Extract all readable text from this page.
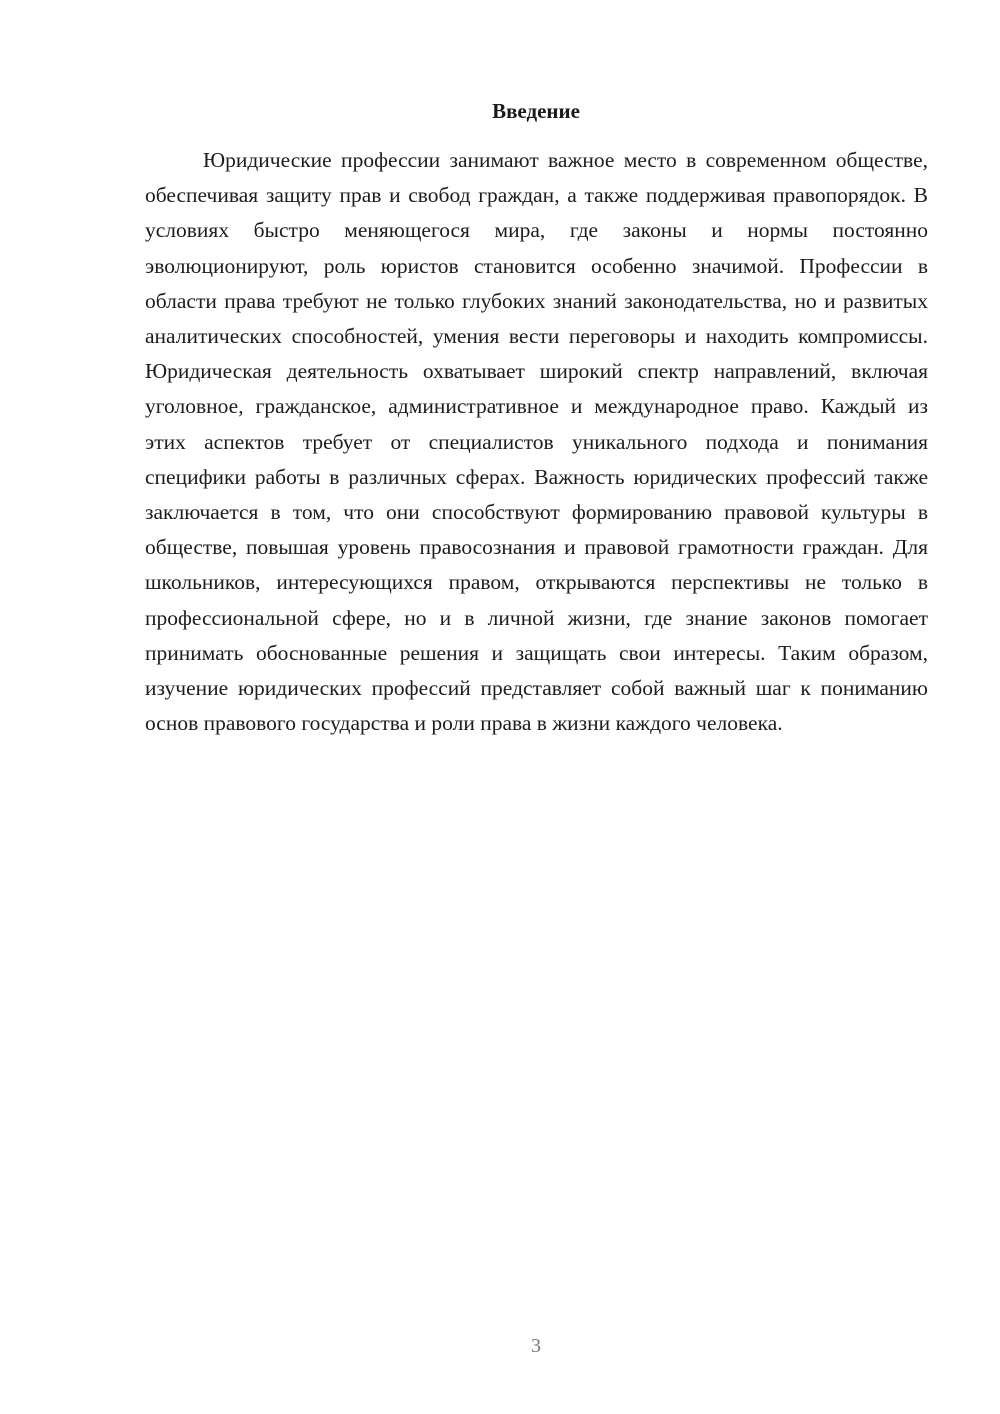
Введение

Юридические профессии занимают важное место в современном обществе, обеспечивая защиту прав и свобод граждан, а также поддерживая правопорядок. В условиях быстро меняющегося мира, где законы и нормы постоянно эволюционируют, роль юристов становится особенно значимой. Профессии в области права требуют не только глубоких знаний законодательства, но и развитых аналитических способностей, умения вести переговоры и находить компромиссы. Юридическая деятельность охватывает широкий спектр направлений, включая уголовное, гражданское, административное и международное право. Каждый из этих аспектов требует от специалистов уникального подхода и понимания специфики работы в различных сферах. Важность юридических профессий также заключается в том, что они способствуют формированию правовой культуры в обществе, повышая уровень правосознания и правовой грамотности граждан. Для школьников, интересующихся правом, открываются перспективы не только в профессиональной сфере, но и в личной жизни, где знание законов помогает принимать обоснованные решения и защищать свои интересы. Таким образом, изучение юридических профессий представляет собой важный шаг к пониманию основ правового государства и роли права в жизни каждого человека.

3
